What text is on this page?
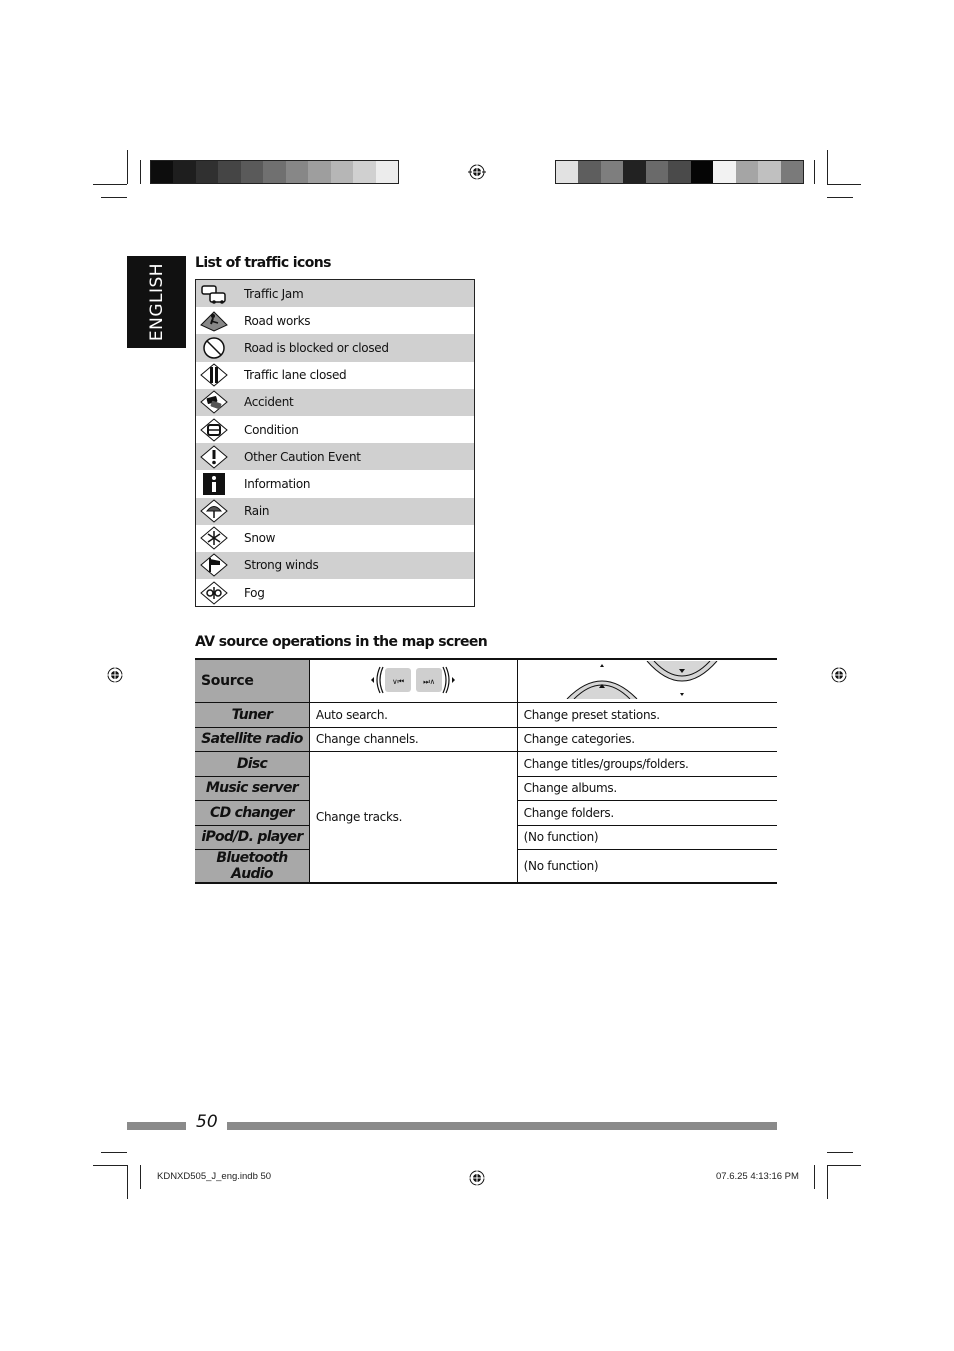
ENGLISH List of traffic icons
Traffic Jam
Road works
Road is blocked or closed
Traffic lane closed
Accident
Condition
Other Caution Event
Information
Rain
Snow
Strong winds
Fog
AV source operations in the map screen
Source	∨⏮ ⏭∧

Tuner	Auto search.	Change preset stations.
Satellite radio	Change channels.	Change categories.
Disc	Change tracks.	Change titles/groups/folders.
Music server		Change albums.
CD changer		Change folders.
iPod/D. player		(No function)
Bluetooth Audio		(No function)
50
KDNXD505_J_eng.indb 50	07.6.25 4:13:16 PM
